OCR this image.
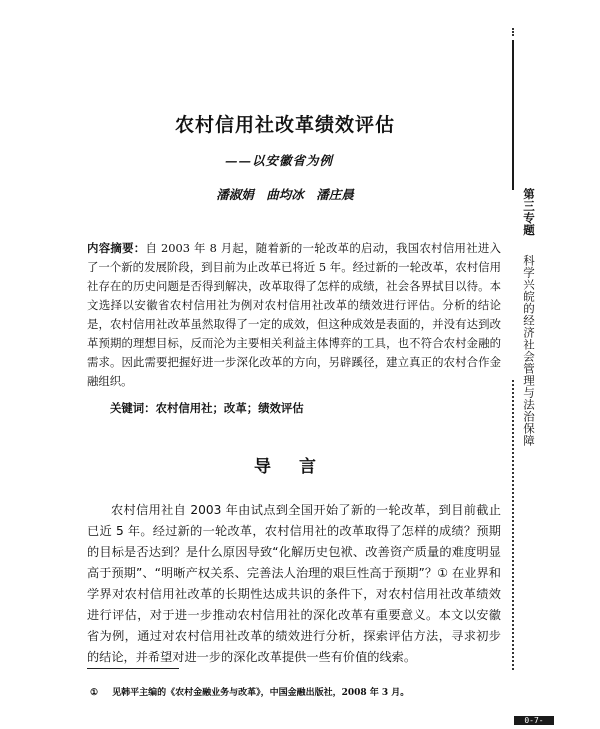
农村信用社改革绩效评估
——以安徽省为例
潘淑娟　曲均冰　潘庄晨
内容摘要：自 2003 年 8 月起，随着新的一轮改革的启动，我国农村信用社进入了一个新的发展阶段，到目前为止改革已将近 5 年。经过新的一轮改革，农村信用社存在的历史问题是否得到解决，改革取得了怎样的成绩，社会各界拭目以待。本文选择以安徽省农村信用社为例对农村信用社改革的绩效进行评估。分析的结论是，农村信用社改革虽然取得了一定的成效，但这种成效是表面的，并没有达到改革预期的理想目标，反而沦为主要相关利益主体博弈的工具，也不符合农村金融的需求。因此需要把握好进一步深化改革的方向，另辟蹊径，建立真正的农村合作金融组织。
关键词：农村信用社；改革；绩效评估
导言

农村信用社自 2003 年由试点到全国开始了新的一轮改革，到目前截止已近 5 年。经过新的一轮改革，农村信用社的改革取得了怎样的成绩？预期的目标是否达到？是什么原因导致“化解历史包袱、改善资产质量的难度明显高于预期”、“明晰产权关系、完善法人治理的艰巨性高于预期”？① 在业界和学界对农村信用社改革的长期性达成共识的条件下，对农村信用社改革绩效进行评估，对于进一步推动农村信用社的深化改革有重要意义。本文以安徽省为例，通过对农村信用社改革的绩效进行分析，探索评估方法，寻求初步的结论，并希望对进一步的深化改革提供一些有价值的线索。

① 见韩平主编的《农村金融业务与改革》，中国金融出版社，2008 年 3 月。
第三专题 科学兴皖的经济社会管理与法治保障
0-7-
